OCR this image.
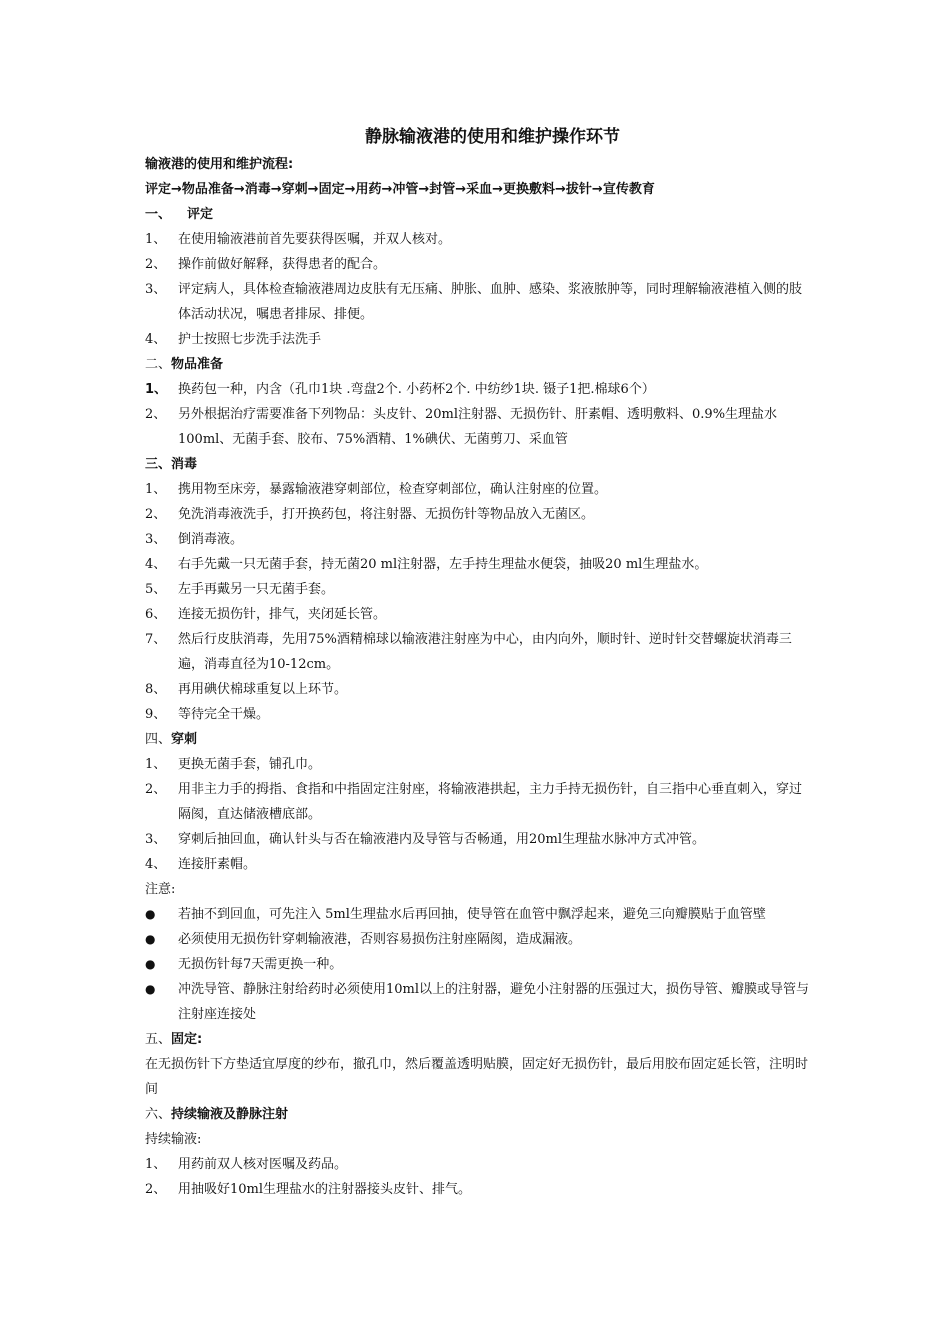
静脉输液港的使用和维护操作环节
输液港的使用和维护流程:
评定→物品准备→消毒→穿刺→固定→用药→冲管→封管→采血→更换敷料→拔针→宣传教育
一、 评定
1、 在使用输液港前首先要获得医嘱，并双人核对。
2、 操作前做好解释，获得患者的配合。
3、 评定病人，具体检查输液港周边皮肤有无压痛、肿胀、血肿、感染、浆液脓肿等，同时理解输液港植入侧的肢体活动状况，嘱患者排尿、排便。
4、 护士按照七步洗手法洗手
二、物品准备
1、 换药包一种，内含（孔巾1块 .弯盘2个. 小药杯2个. 中纺纱1块. 镊子1把.棉球6个）
2、 另外根据治疗需要准备下列物品：头皮针、20ml注射器、无损伤针、肝素帽、透明敷料、0.9%生理盐水100ml、无菌手套、胶布、75%酒精、1%碘伏、无菌剪刀、采血管
三、消毒
1、 携用物至床旁，暴露输液港穿刺部位，检查穿刺部位，确认注射座的位置。
2、 免洗消毒液洗手，打开换药包，将注射器、无损伤针等物品放入无菌区。
3、 倒消毒液。
4、 右手先戴一只无菌手套，持无菌20 ml注射器，左手持生理盐水便袋，抽吸20 ml生理盐水。
5、 左手再戴另一只无菌手套。
6、 连接无损伤针，排气，夹闭延长管。
7、 然后行皮肤消毒，先用75%酒精棉球以输液港注射座为中心，由内向外，顺时针、逆时针交替螺旋状消毒三遍，消毒直径为10-12cm。
8、 再用碘伏棉球重复以上环节。
9、 等待完全干燥。
四、穿刺
1、 更换无菌手套，铺孔巾。
2、 用非主力手的拇指、食指和中指固定注射座，将输液港拱起，主力手持无损伤针，自三指中心垂直刺入，穿过隔阂，直达储液槽底部。
3、 穿刺后抽回血，确认针头与否在输液港内及导管与否畅通，用20ml生理盐水脉冲方式冲管。
4、 连接肝素帽。
注意:
●	若抽不到回血，可先注入 5ml生理盐水后再回抽，使导管在血管中飘浮起来，避免三向瓣膜贴于血管壁
●	必须使用无损伤针穿刺输液港，否则容易损伤注射座隔阂，造成漏液。
●	无损伤针每7天需更换一种。
●	冲洗导管、静脉注射给药时必须使用10ml以上的注射器，避免小注射器的压强过大，损伤导管、瓣膜或导管与注射座连接处
五、固定:
在无损伤针下方垫适宜厚度的纱布，撤孔巾，然后覆盖透明贴膜，固定好无损伤针，最后用胶布固定延长管，注明时间
六、持续输液及静脉注射
持续输液:
1、 用药前双人核对医嘱及药品。
2、 用抽吸好10ml生理盐水的注射器接头皮针、排气。
